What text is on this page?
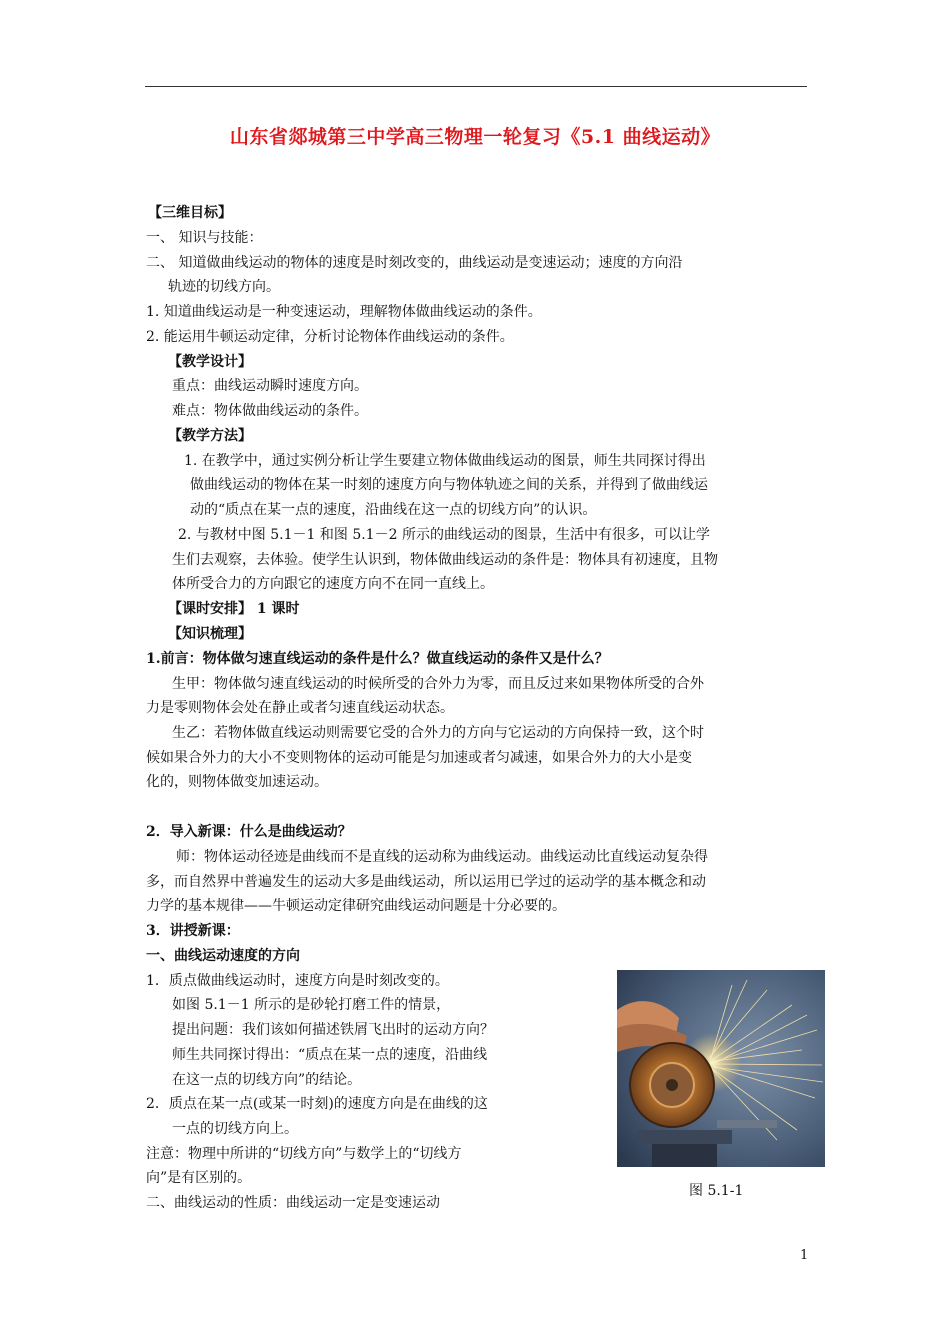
山东省郯城第三中学高三物理一轮复习《5.1 曲线运动》
【三维目标】
一、 知识与技能：
二、 知道做曲线运动的物体的速度是时刻改变的，曲线运动是变速运动；速度的方向沿
轨迹的切线方向。
1. 知道曲线运动是一种变速运动，理解物体做曲线运动的条件。
2. 能运用牛顿运动定律，分析讨论物体作曲线运动的条件。
【教学设计】
重点：曲线运动瞬时速度方向。
难点：物体做曲线运动的条件。
【教学方法】
1. 在教学中，通过实例分析让学生要建立物体做曲线运动的图景，师生共同探讨得出
做曲线运动的物体在某一时刻的速度方向与物体轨迹之间的关系，并得到了做曲线运
动的“质点在某一点的速度，沿曲线在这一点的切线方向”的认识。
2. 与教材中图 5.1－1 和图 5.1－2 所示的曲线运动的图景，生活中有很多，可以让学
生们去观察，去体验。使学生认识到，物体做曲线运动的条件是：物体具有初速度，且物
体所受合力的方向跟它的速度方向不在同一直线上。
【课时安排】 1 课时
【知识梳理】
1.前言：物体做匀速直线运动的条件是什么？做直线运动的条件又是什么？
生甲：物体做匀速直线运动的时候所受的合外力为零，而且反过来如果物体所受的合外
力是零则物体会处在静止或者匀速直线运动状态。
生乙：若物体做直线运动则需要它受的合外力的方向与它运动的方向保持一致，这个时
候如果合外力的大小不变则物体的运动可能是匀加速或者匀减速，如果合外力的大小是变
化的，则物体做变加速运动。
2．导入新课：什么是曲线运动？
师：物体运动径迹是曲线而不是直线的运动称为曲线运动。曲线运动比直线运动复杂得
多，而自然界中普遍发生的运动大多是曲线运动，所以运用已学过的运动学的基本概念和动
力学的基本规律——牛顿运动定律研究曲线运动问题是十分必要的。
3．讲授新课：
一、曲线运动速度的方向
1．质点做曲线运动时，速度方向是时刻改变的。
如图 5.1－1 所示的是砂轮打磨工件的情景，
提出问题：我们该如何描述铁屑飞出时的运动方向？
师生共同探讨得出：“质点在某一点的速度，沿曲线
在这一点的切线方向”的结论。
2．质点在某一点(或某一时刻)的速度方向是在曲线的这
一点的切线方向上。
注意：物理中所讲的“切线方向”与数学上的“切线方
向”是有区别的。
二、曲线运动的性质：曲线运动一定是变速运动
图 5.1-1
1
